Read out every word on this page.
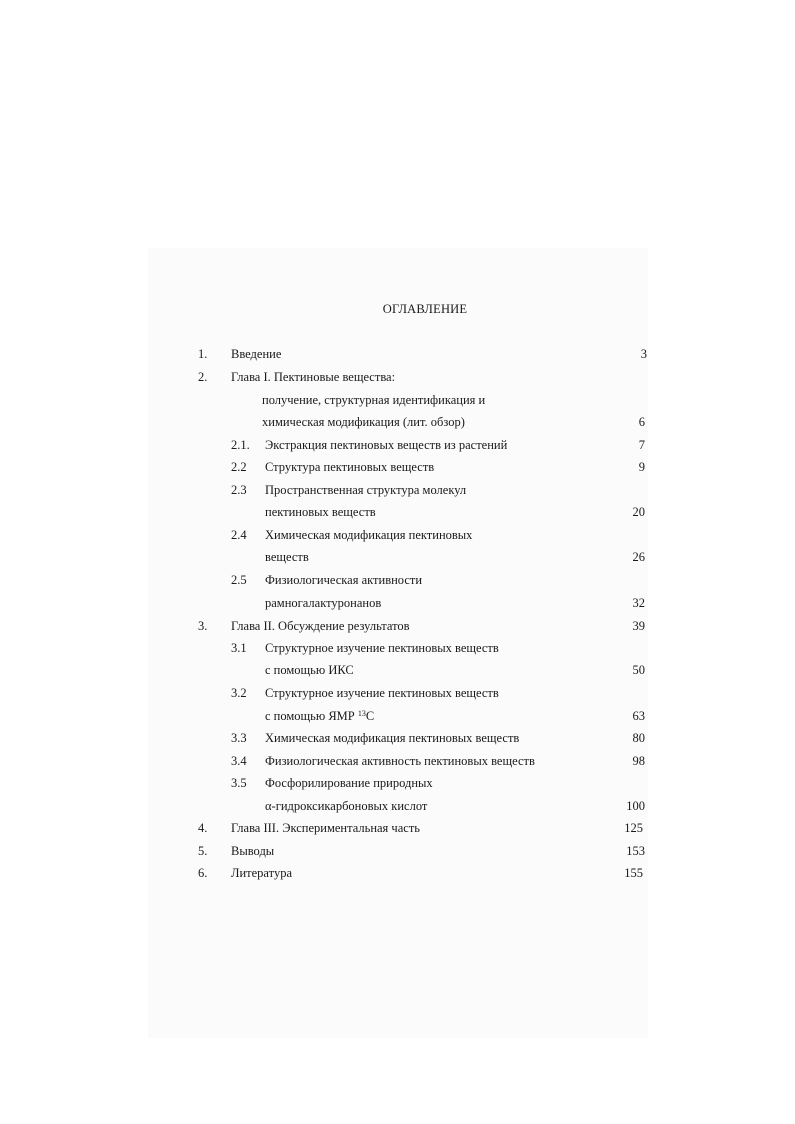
ОГЛАВЛЕНИЕ
1. Введение	3
2. Глава I. Пектиновые вещества:
получение, структурная идентификация и
химическая модификация (лит. обзор)	6
2.1. Экстракция пектиновых веществ из растений	7
2.2 Структура пектиновых веществ	9
2.3 Пространственная структура молекул
пектиновых веществ	20
2.4 Химическая модификация пектиновых
веществ	26
2.5 Физиологическая активности
рамногалактуронанов	32
3. Глава II. Обсуждение результатов	39
3.1 Структурное изучение пектиновых веществ
с помощью ИКС	50
3.2 Структурное изучение пектиновых веществ
с помощью ЯМР $^{13}$C	63
3.3 Химическая модификация пектиновых веществ	80
3.4 Физиологическая активность пектиновых веществ	98
3.5 Фосфорилирование природных
α-гидроксикарбоновых кислот	100
4. Глава III. Экспериментальная часть	125
5. Выводы	153
6. Литература	155
